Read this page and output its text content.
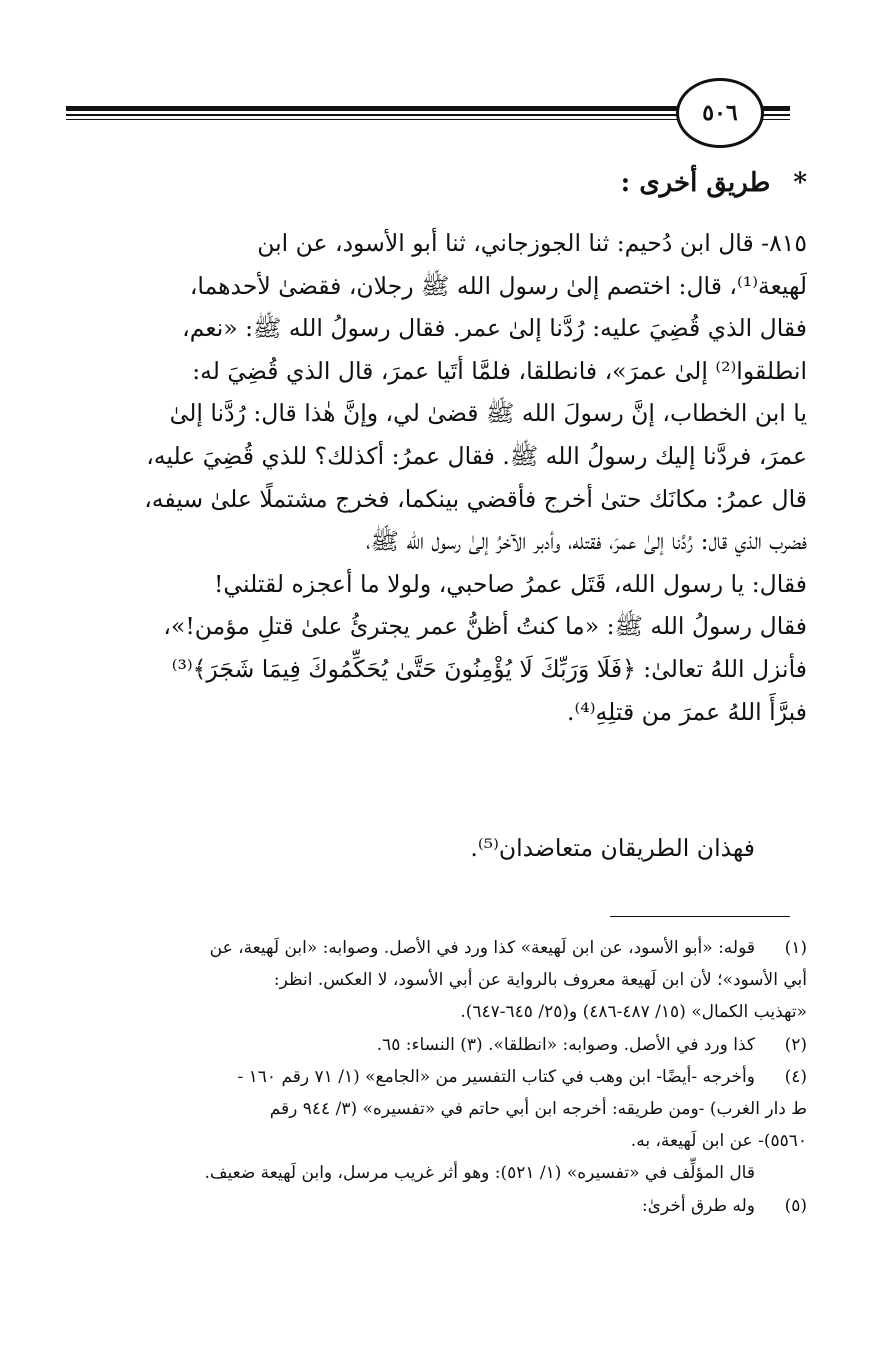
٥٠٦
* طريق أخرى :
٨١٥- قال ابن دُحيم: ثنا الجوزجاني، ثنا أبو الأسود، عن ابن
لَهيعة⁽¹⁾، قال: اختصم إلىٰ رسول الله ﷺ رجلان، فقضىٰ لأحدهما،
فقال الذي قُضِيَ عليه: رُدَّنا إلىٰ عمر. فقال رسولُ الله ﷺ: «نعم،
انطلقوا⁽²⁾ إلىٰ عمرَ»، فانطلقا، فلمَّا أتَيا عمرَ، قال الذي قُضِيَ له:
يا ابن الخطاب، إنَّ رسولَ الله ﷺ قضىٰ لي، وإنَّ هٰذا قال: رُدَّنا إلىٰ
عمرَ، فردَّنا إليك رسولُ الله ﷺ. فقال عمرُ: أكذلك؟ للذي قُضِيَ عليه،
قال عمرُ: مكانَك حتىٰ أخرج فأقضي بينكما، فخرج مشتملًا علىٰ سيفه،
فضرب الذي قال: رُدَّنا إلىٰ عمرَ، فقتله، وأدبر الآخرُ إلىٰ رسول الله ﷺ،
فقال: يا رسول الله، قَتَل عمرُ صاحبي، ولولا ما أعجزه لقتلني!
فقال رسولُ الله ﷺ: «ما كنتُ أظنُّ عمر يجترئُ علىٰ قتلِ مؤمن!»،
فأنزل اللهُ تعالىٰ: ﴿فَلَا وَرَبِّكَ لَا يُؤْمِنُونَ حَتَّىٰ يُحَكِّمُوكَ فِيمَا شَجَرَ﴾⁽³⁾
فبرَّأَ اللهُ عمرَ من قتلِهِ⁽⁴⁾.
فهذان الطريقان متعاضدان⁽⁵⁾.
(١)قوله: «أبو الأسود، عن ابن لَهيعة» كذا ورد في الأصل. وصوابه: «ابن لَهيعة، عن
أبي الأسود»؛ لأن ابن لَهيعة معروف بالرواية عن أبي الأسود، لا العكس. انظر:
«تهذيب الكمال» (١٥/ ٤٨٧-٤٨٦) و(٢٥/ ٦٤٥-٦٤٧).
(٢)كذا ورد في الأصل. وصوابه: «انطلقا». (٣) النساء: ٦٥.
(٤)وأخرجه -أيضًا- ابن وهب في كتاب التفسير من «الجامع» (١/ ٧١ رقم ١٦٠ -
ط دار الغرب) -ومن طريقه: أخرجه ابن أبي حاتم في «تفسيره» (٣/ ٩٤٤ رقم
٥٥٦٠)- عن ابن لَهيعة، به.
قال المؤلِّف في «تفسيره» (١/ ٥٢١): وهو أثر غريب مرسل، وابن لَهيعة ضعيف.
(٥)وله طرق أخرىٰ:
